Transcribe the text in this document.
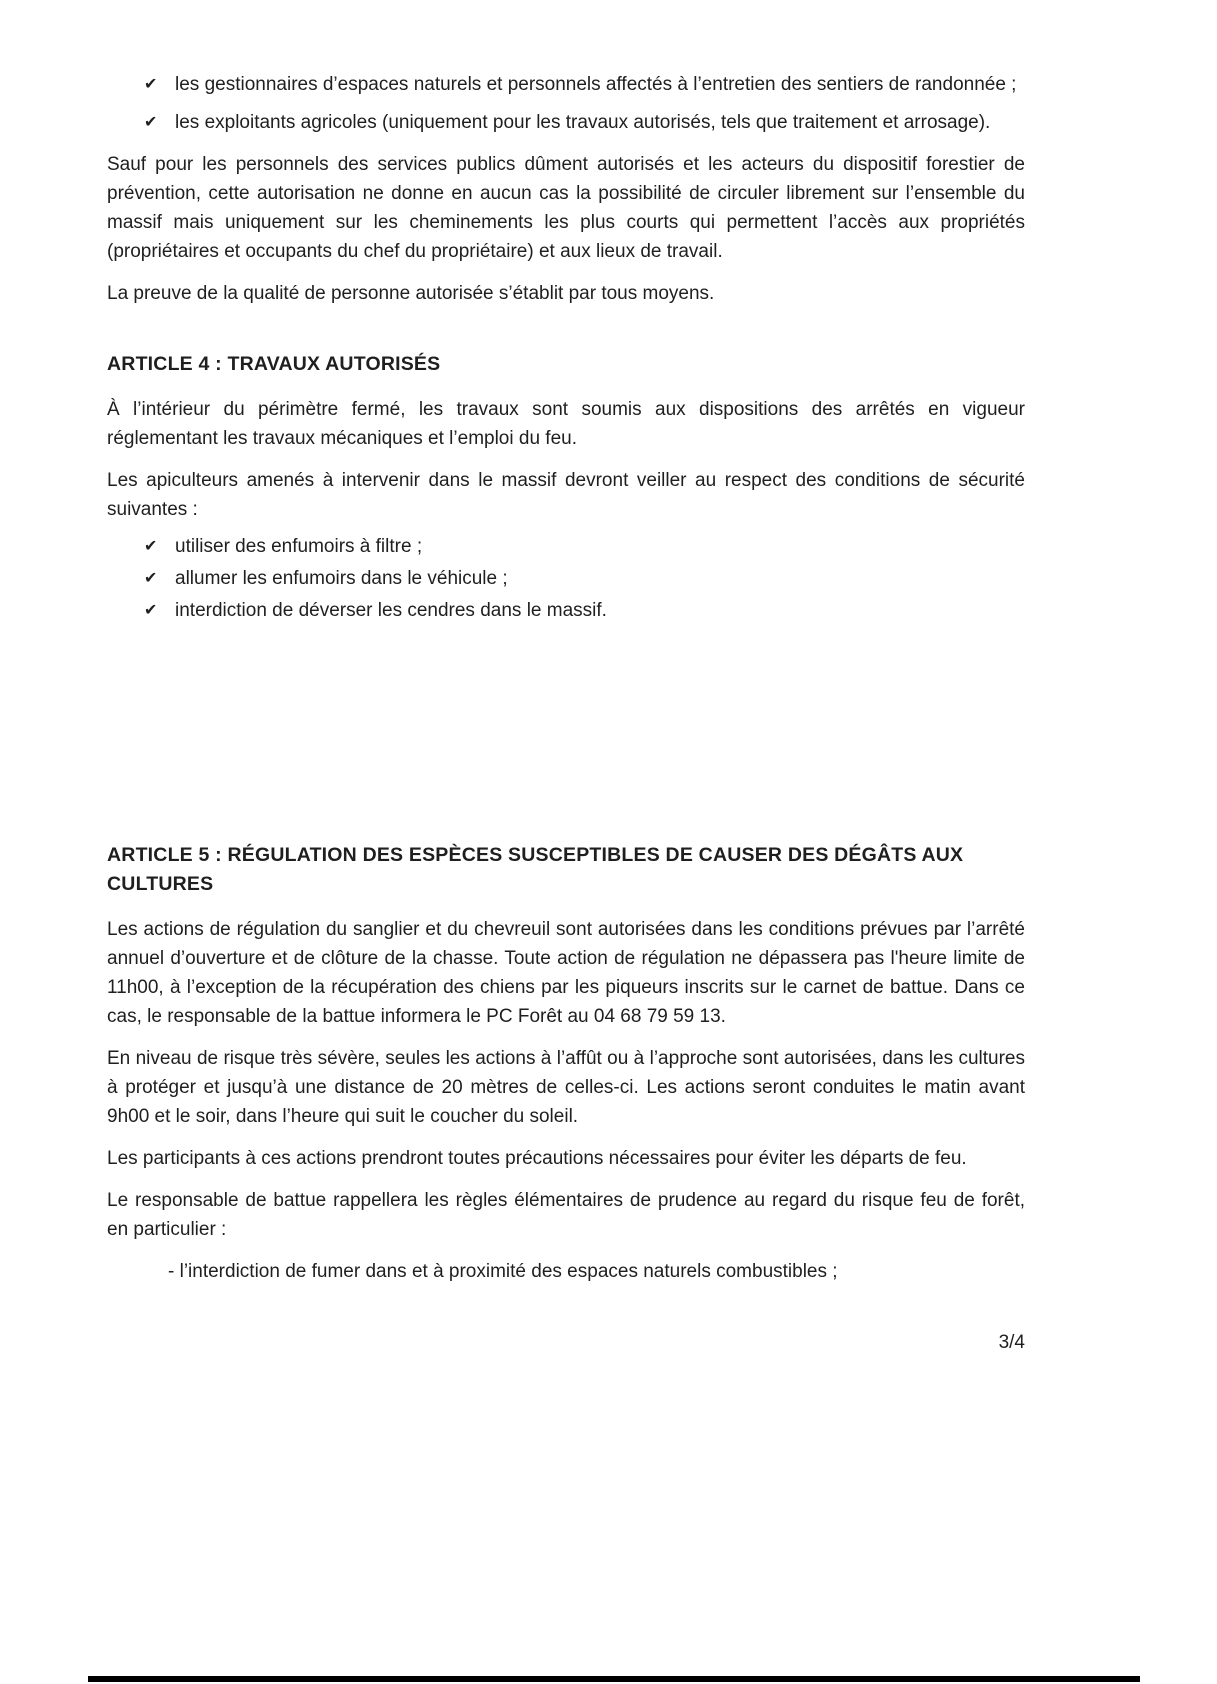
✔ les gestionnaires d’espaces naturels et personnels affectés à l’entretien des sentiers de randonnée ;
✔ les exploitants agricoles (uniquement pour les travaux autorisés, tels que traitement et arrosage).

Sauf pour les personnels des services publics dûment autorisés et les acteurs du dispositif forestier de prévention, cette autorisation ne donne en aucun cas la possibilité de circuler librement sur l’ensemble du massif mais uniquement sur les cheminements les plus courts qui permettent l’accès aux propriétés (propriétaires et occupants du chef du propriétaire) et aux lieux de travail.

La preuve de la qualité de personne autorisée s’établit par tous moyens.

ARTICLE 4 : TRAVAUX AUTORISÉS

À l’intérieur du périmètre fermé, les travaux sont soumis aux dispositions des arrêtés en vigueur réglementant les travaux mécaniques et l’emploi du feu.

Les apiculteurs amenés à intervenir dans le massif devront veiller au respect des conditions de sécurité suivantes :

✔ utiliser des enfumoirs à filtre ;
✔ allumer les enfumoirs dans le véhicule ;
✔ interdiction de déverser les cendres dans le massif.
ARTICLE 5 : RÉGULATION DES ESPÈCES SUSCEPTIBLES DE CAUSER DES DÉGÂTS AUX CULTURES

Les actions de régulation du sanglier et du chevreuil sont autorisées dans les conditions prévues par l’arrêté annuel d’ouverture et de clôture de la chasse. Toute action de régulation ne dépassera pas l'heure limite de 11h00, à l’exception de la récupération des chiens par les piqueurs inscrits sur le carnet de battue. Dans ce cas, le responsable de la battue informera le PC Forêt au 04 68 79 59 13.

En niveau de risque très sévère, seules les actions à l’affût ou à l’approche sont autorisées, dans les cultures à protéger et jusqu’à une distance de 20 mètres de celles-ci. Les actions seront conduites le matin avant 9h00 et le soir, dans l’heure qui suit le coucher du soleil.

Les participants à ces actions prendront toutes précautions nécessaires pour éviter les départs de feu.

Le responsable de battue rappellera les règles élémentaires de prudence au regard du risque feu de forêt, en particulier :

- l’interdiction de fumer dans et à proximité des espaces naturels combustibles ;

3/4
